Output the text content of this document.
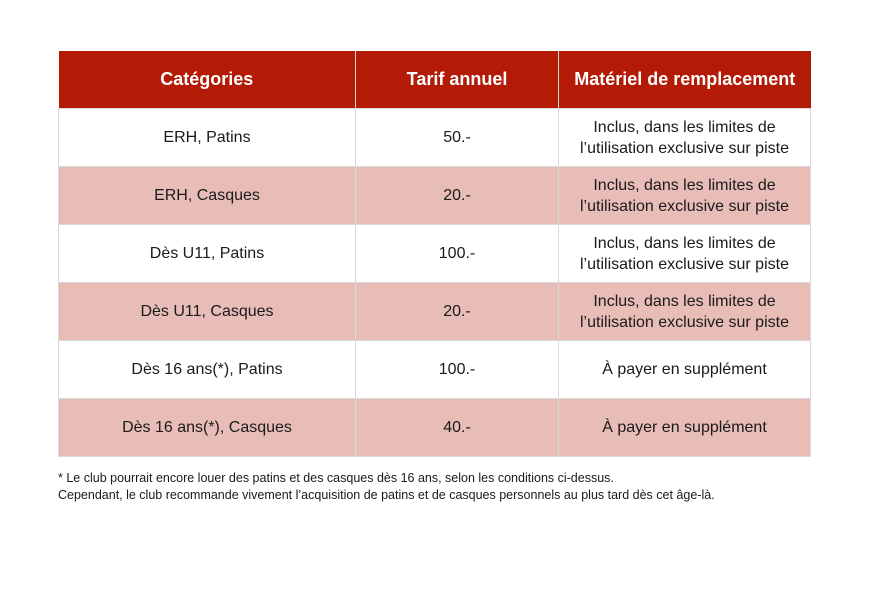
Catégories	Tarif annuel	Matériel de remplacement
ERH, Patins	50.-	Inclus, dans les limites de l’utilisation exclusive sur piste
ERH, Casques	20.-	Inclus, dans les limites de l’utilisation exclusive sur piste
Dès U11, Patins	100.-	Inclus, dans les limites de l’utilisation exclusive sur piste
Dès U11, Casques	20.-	Inclus, dans les limites de l’utilisation exclusive sur piste
Dès 16 ans(*), Patins	100.-	À payer en supplément
Dès 16 ans(*), Casques	40.-	À payer en supplément

* Le club pourrait encore louer des patins et des casques dès 16 ans, selon les conditions ci-dessus.

Cependant, le club recommande vivement l’acquisition de patins et de casques personnels au plus tard dès cet âge-là.
